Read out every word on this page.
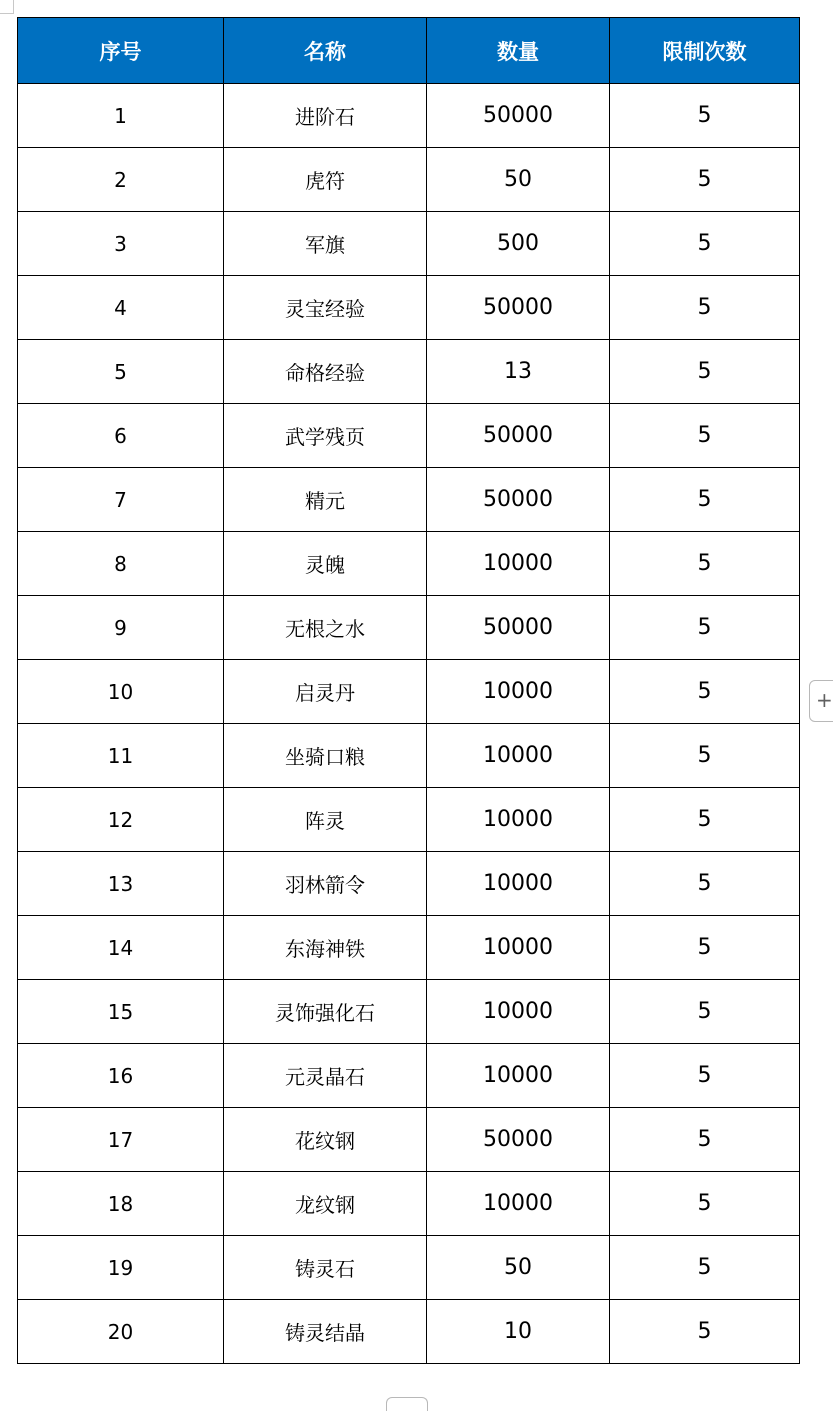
序号	名称	数量	限制次数
1	进阶石	50000	5
2	虎符	50	5
3	军旗	500	5
4	灵宝经验	50000	5
5	命格经验	13	5
6	武学残页	50000	5
7	精元	50000	5
8	灵魄	10000	5
9	无根之水	50000	5
10	启灵丹	10000	5
11	坐骑口粮	10000	5
12	阵灵	10000	5
13	羽林箭令	10000	5
14	东海神铁	10000	5
15	灵饰强化石	10000	5
16	元灵晶石	10000	5
17	花纹钢	50000	5
18	龙纹钢	10000	5
19	铸灵石	50	5
20	铸灵结晶	10	5
+
